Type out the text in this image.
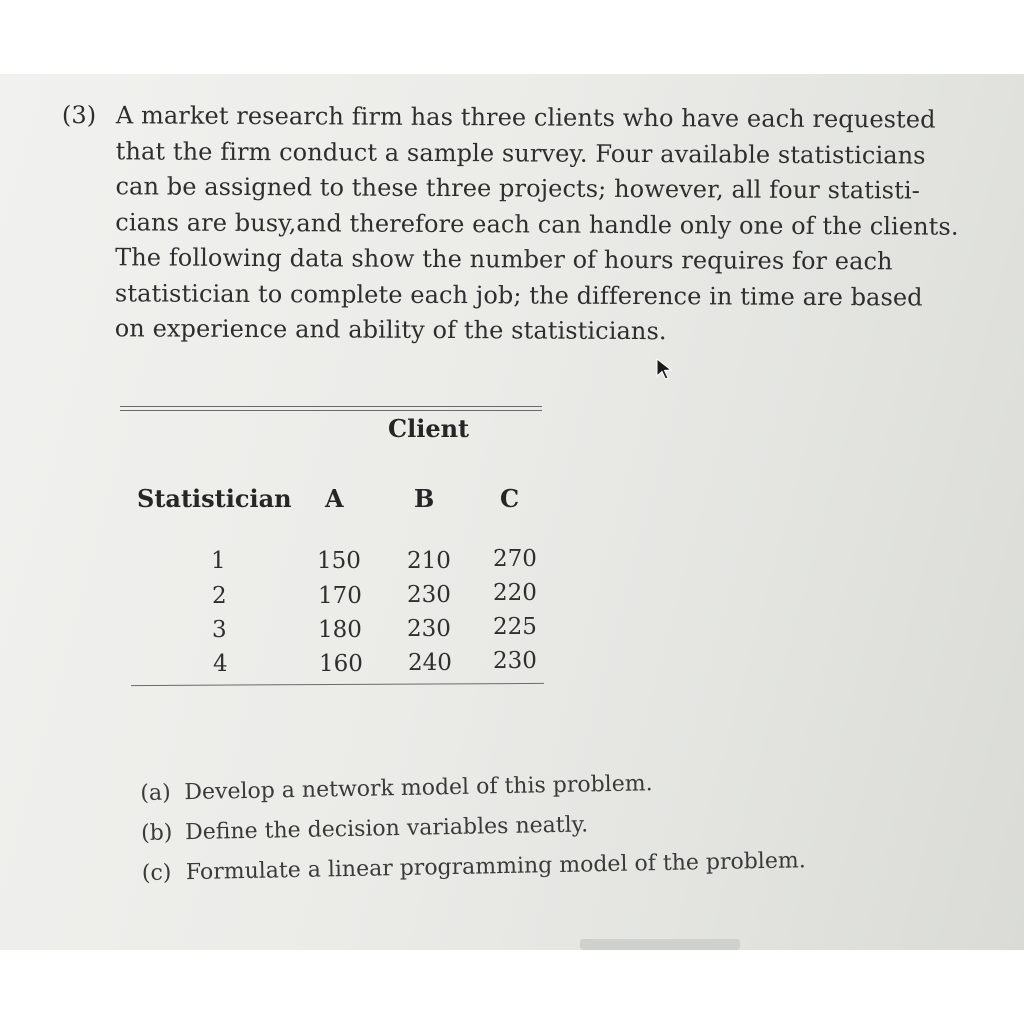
(3) A market research firm has three clients who have each requested
that the firm conduct a sample survey. Four available statisticians
can be assigned to these three projects; however, all four statisti-
cians are busy,and therefore each can handle only one of the clients.
The following data show the number of hours requires for each
statistician to complete each job; the difference in time are based
on experience and ability of the statisticians.
Client
Statistician A	B	C
1	150 210 270
2	170 230 220
3	180 230 225
4	160 240 230
(a) Develop a network model of this problem.
(b) Define the decision variables neatly.
(c) Formulate a linear programming model of the problem.
